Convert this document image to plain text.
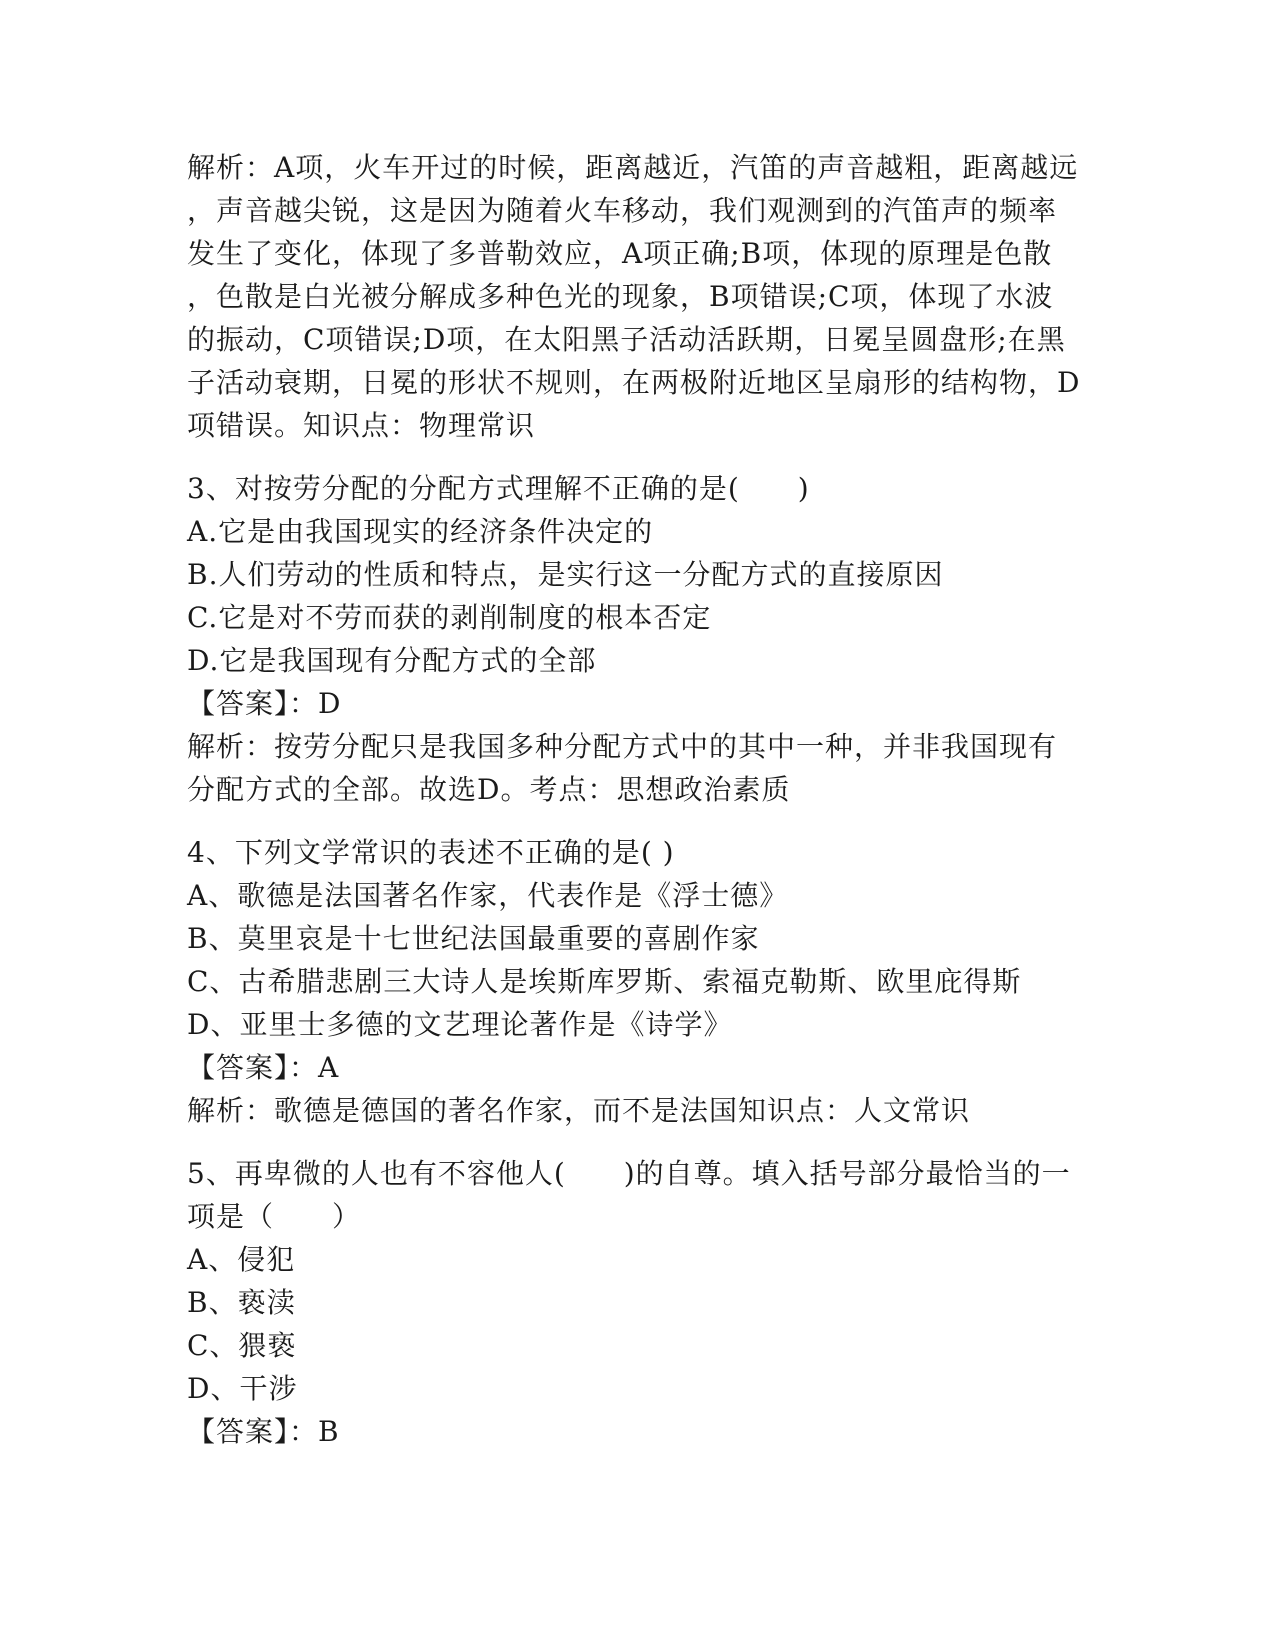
解析：A项，火车开过的时候，距离越近，汽笛的声音越粗，距离越远
，声音越尖锐，这是因为随着火车移动，我们观测到的汽笛声的频率
发生了变化，体现了多普勒效应，A项正确;B项，体现的原理是色散
，色散是白光被分解成多种色光的现象，B项错误;C项，体现了水波
的振动，C项错误;D项，在太阳黑子活动活跃期，日冕呈圆盘形;在黑
子活动衰期，日冕的形状不规则，在两极附近地区呈扇形的结构物，D
项错误。知识点：物理常识
3、对按劳分配的分配方式理解不正确的是(　　)
A.它是由我国现实的经济条件决定的
B.人们劳动的性质和特点，是实行这一分配方式的直接原因
C.它是对不劳而获的剥削制度的根本否定
D.它是我国现有分配方式的全部
【答案】：D
解析：按劳分配只是我国多种分配方式中的其中一种，并非我国现有
分配方式的全部。故选D。考点：思想政治素质
4、下列文学常识的表述不正确的是( )
A、歌德是法国著名作家，代表作是《浮士德》
B、莫里哀是十七世纪法国最重要的喜剧作家
C、古希腊悲剧三大诗人是埃斯库罗斯、索福克勒斯、欧里庇得斯
D、亚里士多德的文艺理论著作是《诗学》
【答案】：A
解析：歌德是德国的著名作家，而不是法国知识点：人文常识
5、再卑微的人也有不容他人(　　)的自尊。填入括号部分最恰当的一
项是（　　）
A、侵犯
B、亵渎
C、猥亵
D、干涉
【答案】：B
